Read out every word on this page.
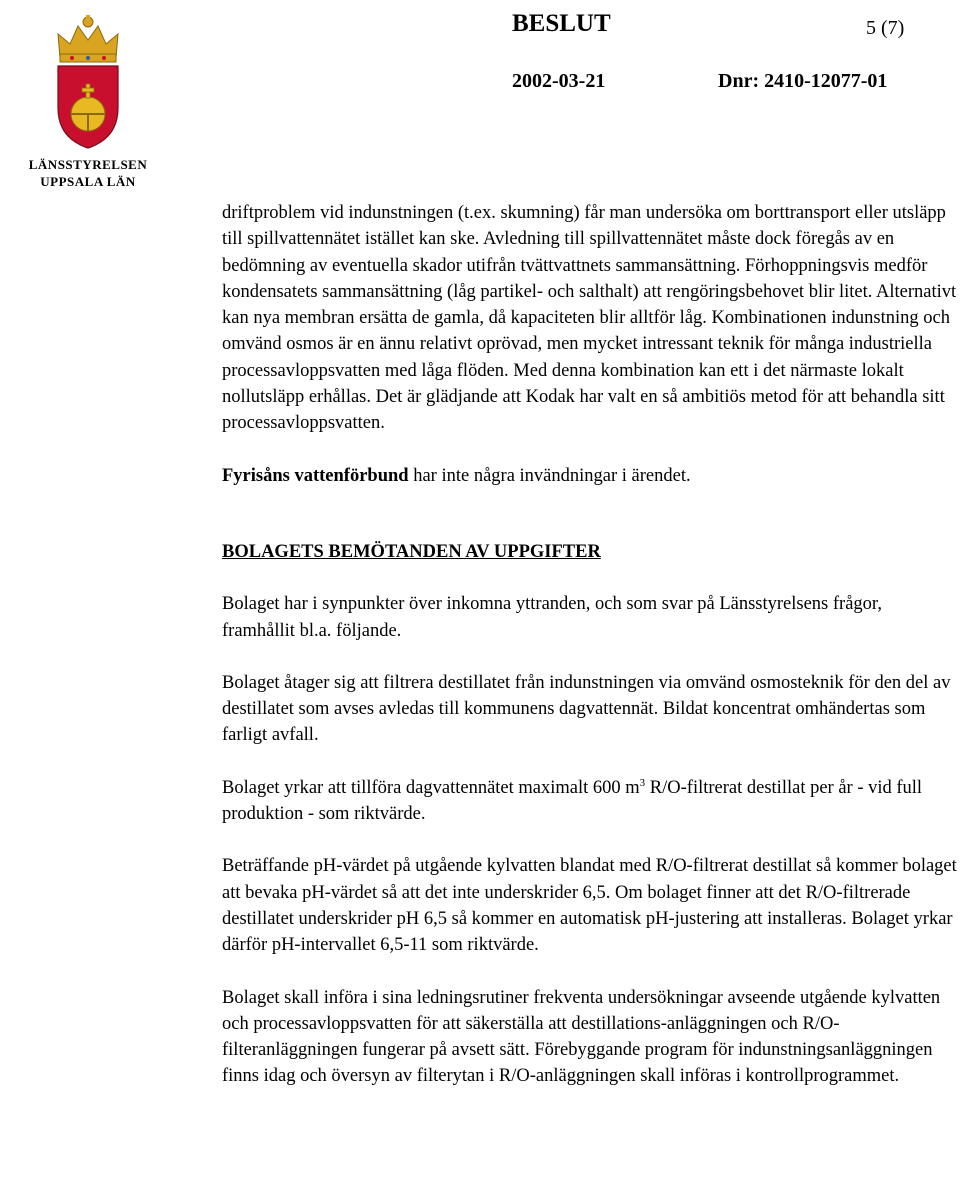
LÄNSSTYRELSEN
UPPSALA LÄN
BESLUT	5 (7)
2002-03-21	Dnr: 2410-12077-01

driftproblem vid indunstningen (t.ex. skumning) får man undersöka om borttransport eller utsläpp till spillvattennätet istället kan ske. Avledning till spillvattennätet måste dock föregås av en bedömning av eventuella skador utifrån tvättvattnets sammansättning. Förhoppningsvis medför kondensatets sammansättning (låg partikel- och salthalt) att rengöringsbehovet blir litet. Alternativt kan nya membran ersätta de gamla, då kapaciteten blir alltför låg. Kombinationen indunstning och omvänd osmos är en ännu relativt oprövad, men mycket intressant teknik för många industriella processavloppsvatten med låga flöden. Med denna kombination kan ett i det närmaste lokalt nollutsläpp erhållas. Det är glädjande att Kodak har valt en så ambitiös metod för att behandla sitt processavloppsvatten.

Fyrisåns vattenförbund har inte några invändningar i ärendet.

BOLAGETS BEMÖTANDEN AV UPPGIFTER

Bolaget har i synpunkter över inkomna yttranden, och som svar på Länsstyrelsens frågor, framhållit bl.a. följande.

Bolaget åtager sig att filtrera destillatet från indunstningen via omvänd osmosteknik för den del av destillatet som avses avledas till kommunens dagvattennät. Bildat koncentrat omhändertas som farligt avfall.

Bolaget yrkar att tillföra dagvattennätet maximalt 600 $m^3$ R/O-filtrerat destillat per år - vid full produktion - som riktvärde.

Beträffande pH-värdet på utgående kylvatten blandat med R/O-filtrerat destillat så kommer bolaget att bevaka pH-värdet så att det inte underskrider 6,5. Om bolaget finner att det R/O-filtrerade destillatet underskrider pH 6,5 så kommer en automatisk pH-justering att installeras. Bolaget yrkar därför pH-intervallet 6,5-11 som riktvärde.

Bolaget skall införa i sina ledningsrutiner frekventa undersökningar avseende utgående kylvatten och processavloppsvatten för att säkerställa att destillations-anläggningen och R/O-filteranläggningen fungerar på avsett sätt. Förebyggande program för indunstningsanläggningen finns idag och översyn av filterytan i R/O-anläggningen skall införas i kontrollprogrammet.
